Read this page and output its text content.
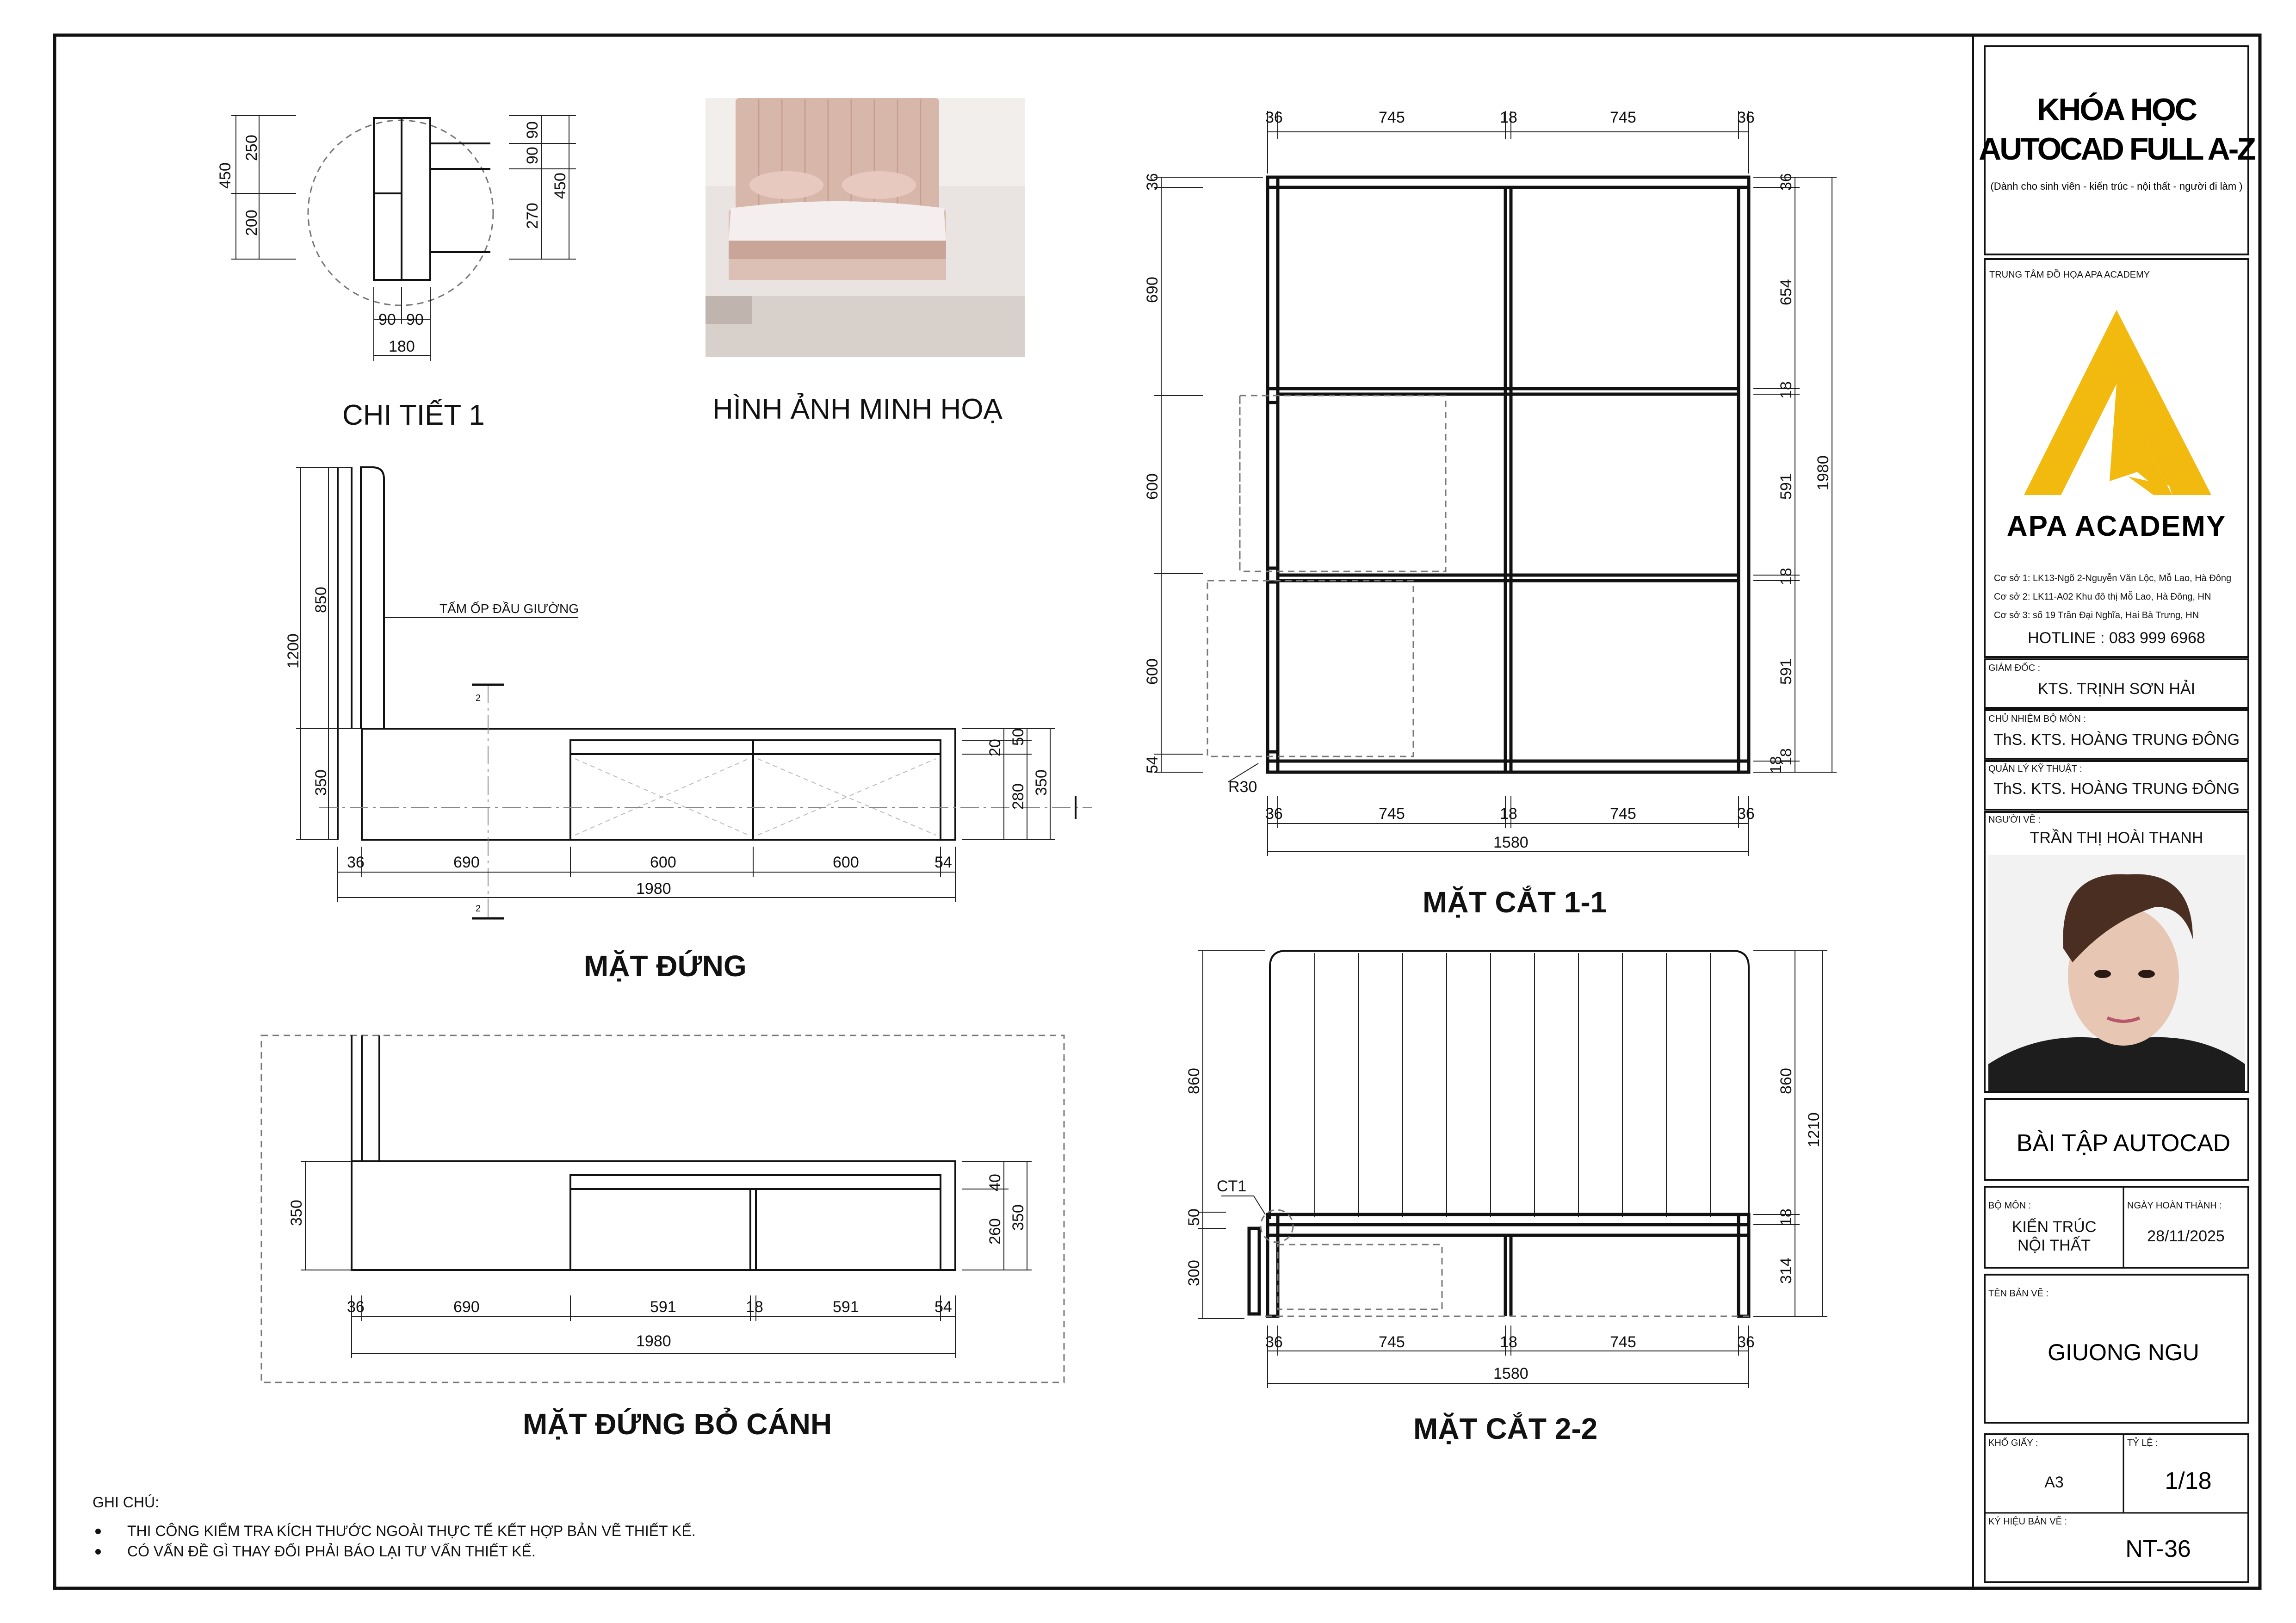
450
250
200
90
90
450
270
90 90
180
CHI TIẾT 1	HÌNH ẢNH MINH HOẠ
2
2
TẤM ỐP ĐẦU GIƯỜNG
1200
850
350
20
50
280
350
36	690	600	600	54
1980
MẶT ĐỨNG
350
40
260
350
36	690	591	18	591	54
1980
MẶT ĐỨNG BỎ CÁNH
R30
36	745	18	745	36
36
690
600
600
54
36
654
18
591
18
591
18
18
1980
36	745	18	745	36
1580
MẶT CẮT 1-1
CT1
860
50
300
860
1210
18
314
36	745	18	745	36
1580
MẶT CẮT 2-2
GHI CHÚ:
THI CÔNG KIỂM TRA KÍCH THƯỚC NGOÀI THỰC TẾ KẾT HỢP BẢN VẼ THIẾT KẾ.
CÓ VẤN ĐỀ GÌ THAY ĐỔI PHẢI BÁO LẠI TƯ VẤN THIẾT KẾ.
KHÓA HỌC
AUTOCAD FULL A-Z
(Dành cho sinh viên - kiến trúc - nội thất - người đi làm )
TRUNG TÂM ĐỒ HỌA APA ACADEMY
APA ACADEMY
Cơ sở 1: LK13-Ngõ 2-Nguyễn Văn Lộc, Mỗ Lao, Hà Đông
Cơ sở 2: LK11-A02 Khu đô thị Mỗ Lao, Hà Đông, HN
Cơ sở 3: số 19 Trần Đại Nghĩa, Hai Bà Trưng, HN
HOTLINE : 083 999 6968
GIÁM ĐỐC :
KTS. TRỊNH SƠN HẢI
CHỦ NHIỆM BỘ MÔN :
ThS. KTS. HOÀNG TRUNG ĐÔNG
QUẢN LÝ KỸ THUẬT :
ThS. KTS. HOÀNG TRUNG ĐÔNG
NGƯỜI VẼ :
TRẦN THỊ HOÀI THANH
BÀI TẬP AUTOCAD
BỘ MÔN :
KIẾN TRÚC
NỘI THẤT
NGÀY HOÀN THÀNH :
28/11/2025
TÊN BẢN VẼ :
GIUONG NGU
KHỔ GIẤY :
A3
TỶ LỆ :
1/18
KÝ HIỆU BẢN VẼ :
NT-36
